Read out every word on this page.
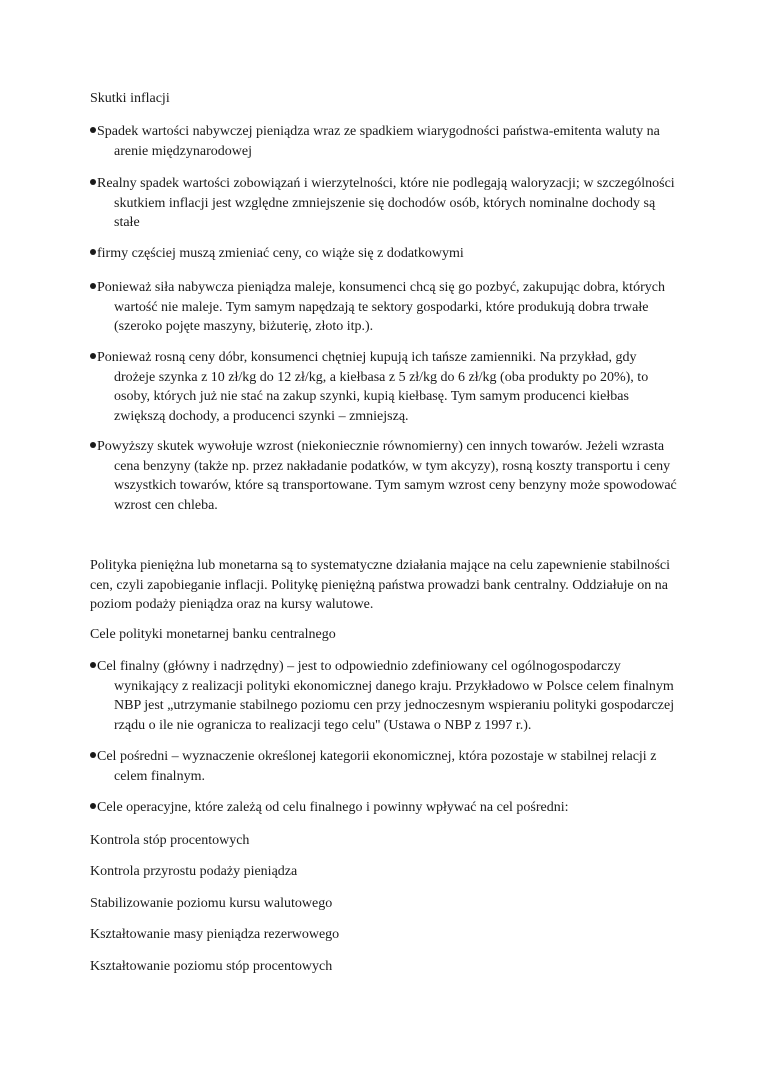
Skutki inflacji

Spadek wartości nabywczej pieniądza wraz ze spadkiem wiarygodności państwa-emitenta waluty na arenie międzynarodowej

Realny spadek wartości zobowiązań i wierzytelności, które nie podlegają waloryzacji; w szczególności skutkiem inflacji jest względne zmniejszenie się dochodów osób, których nominalne dochody są stałe

firmy częściej muszą zmieniać ceny, co wiąże się z dodatkowymi

Ponieważ siła nabywcza pieniądza maleje, konsumenci chcą się go pozbyć, zakupując dobra, których wartość nie maleje. Tym samym napędzają te sektory gospodarki, które produkują dobra trwałe (szeroko pojęte maszyny, biżuterię, złoto itp.).

Ponieważ rosną ceny dóbr, konsumenci chętniej kupują ich tańsze zamienniki. Na przykład, gdy drożeje szynka z 10 zł/kg do 12 zł/kg, a kiełbasa z 5 zł/kg do 6 zł/kg (oba produkty po 20%), to osoby, których już nie stać na zakup szynki, kupią kiełbasę. Tym samym producenci kiełbas zwiększą dochody, a producenci szynki – zmniejszą.

Powyższy skutek wywołuje wzrost (niekoniecznie równomierny) cen innych towarów. Jeżeli wzrasta cena benzyny (także np. przez nakładanie podatków, w tym akcyzy), rosną koszty transportu i ceny wszystkich towarów, które są transportowane. Tym samym wzrost ceny benzyny może spowodować wzrost cen chleba.

Polityka pieniężna lub monetarna są to systematyczne działania mające na celu zapewnienie stabilności cen, czyli zapobieganie inflacji. Politykę pieniężną państwa prowadzi bank centralny. Oddziałuje on na poziom podaży pieniądza oraz na kursy walutowe.

Cele polityki monetarnej banku centralnego

Cel finalny (główny i nadrzędny) – jest to odpowiednio zdefiniowany cel ogólnogospodarczy wynikający z realizacji polityki ekonomicznej danego kraju. Przykładowo w Polsce celem finalnym NBP jest „utrzymanie stabilnego poziomu cen przy jednoczesnym wspieraniu polityki gospodarczej rządu o ile nie ogranicza to realizacji tego celu'' (Ustawa o NBP z 1997 r.).

Cel pośredni – wyznaczenie określonej kategorii ekonomicznej, która pozostaje w stabilnej relacji z celem finalnym.

Cele operacyjne, które zależą od celu finalnego i powinny wpływać na cel pośredni:

Kontrola stóp procentowych

Kontrola przyrostu podaży pieniądza

Stabilizowanie poziomu kursu walutowego

Kształtowanie masy pieniądza rezerwowego

Kształtowanie poziomu stóp procentowych
